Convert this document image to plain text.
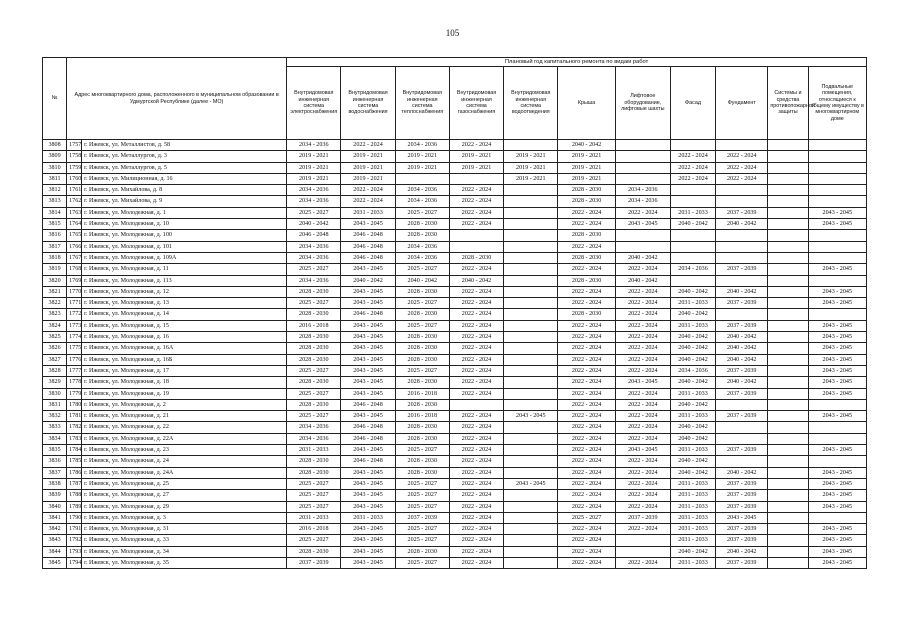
105
№	Адрес многоквартирного дома, расположенного в муниципальном образовании в Удмуртской Республике (далее - МО)		Плановый год капитального ремонта по видам работ										
			Внутридомовая инженерная система электроснабжения	Внутридомовая инженерная система водоснабжения	Внутридомовая инженерная система теплоснабжения	Внутридомовая инженерная система газоснабжения	Внутридомовая инженерная система водоотведения	Крыша	Лифтовое оборудование, лифтовые шахты	Фасад	Фундамент	Системы и средства противопожарной защиты	Подвальные помещения, относящиеся к общему имуществу в многоквартирном доме
3808	1757	г. Ижевск, ул. Металлистов, д. 58	2034 - 2036	2022 - 2024	2034 - 2036	2022 - 2024		2040 - 2042					
3809	1758	г. Ижевск, ул. Металлургов, д. 3	2019 - 2021	2019 - 2021	2019 - 2021	2019 - 2021	2019 - 2021	2019 - 2021		2022 - 2024	2022 - 2024		
3810	1759	г. Ижевск, ул. Металлургов, д. 5	2019 - 2021	2019 - 2021	2019 - 2021	2019 - 2021	2019 - 2021	2019 - 2021		2022 - 2024	2022 - 2024		
3811	1760	г. Ижевск, ул. Милиционная, д. 16	2019 - 2021	2019 - 2021			2019 - 2021	2019 - 2021		2022 - 2024	2022 - 2024		
3812	1761	г. Ижевск, ул. Михайлова, д. 8	2034 - 2036	2022 - 2024	2034 - 2036	2022 - 2024		2028 - 2030	2034 - 2036				
3813	1762	г. Ижевск, ул. Михайлова, д. 9	2034 - 2036	2022 - 2024	2034 - 2036	2022 - 2024		2028 - 2030	2034 - 2036				
3814	1763	г. Ижевск, ул. Молодежная, д. 1	2025 - 2027	2031 - 2033	2025 - 2027	2022 - 2024		2022 - 2024	2022 - 2024	2031 - 2033	2037 - 2039		2043 - 2045
3815	1764	г. Ижевск, ул. Молодежная, д. 10	2040 - 2042	2043 - 2045	2028 - 2030	2022 - 2024		2022 - 2024	2043 - 2045	2040 - 2042	2040 - 2042		2043 - 2045
3816	1765	г. Ижевск, ул. Молодежная, д. 100	2046 - 2048	2046 - 2048	2028 - 2030			2028 - 2030					
3817	1766	г. Ижевск, ул. Молодежная, д. 101	2034 - 2036	2046 - 2048	2034 - 2036			2022 - 2024					
3818	1767	г. Ижевск, ул. Молодежная, д. 109А	2034 - 2036	2046 - 2048	2034 - 2036	2028 - 2030		2028 - 2030	2040 - 2042				
3819	1768	г. Ижевск, ул. Молодежная, д. 11	2025 - 2027	2043 - 2045	2025 - 2027	2022 - 2024		2022 - 2024	2022 - 2024	2034 - 2036	2037 - 2039		2043 - 2045
3820	1769	г. Ижевск, ул. Молодежная, д. 113	2034 - 2036	2040 - 2042	2040 - 2042	2040 - 2042		2028 - 2030	2040 - 2042				
3821	1770	г. Ижевск, ул. Молодежная, д. 12	2028 - 2030	2043 - 2045	2028 - 2030	2022 - 2024		2022 - 2024	2022 - 2024	2040 - 2042	2040 - 2042		2043 - 2045
3822	1771	г. Ижевск, ул. Молодежная, д. 13	2025 - 2027	2043 - 2045	2025 - 2027	2022 - 2024		2022 - 2024	2022 - 2024	2031 - 2033	2037 - 2039		2043 - 2045
3823	1772	г. Ижевск, ул. Молодежная, д. 14	2028 - 2030	2046 - 2048	2028 - 2030	2022 - 2024		2028 - 2030	2022 - 2024	2040 - 2042			
3824	1773	г. Ижевск, ул. Молодежная, д. 15	2016 - 2018	2043 - 2045	2025 - 2027	2022 - 2024		2022 - 2024	2022 - 2024	2031 - 2033	2037 - 2039		2043 - 2045
3825	1774	г. Ижевск, ул. Молодежная, д. 16	2028 - 2030	2043 - 2045	2028 - 2030	2022 - 2024		2022 - 2024	2022 - 2024	2040 - 2042	2040 - 2042		2043 - 2045
3826	1775	г. Ижевск, ул. Молодежная, д. 16А	2028 - 2030	2043 - 2045	2028 - 2030	2022 - 2024		2022 - 2024	2022 - 2024	2040 - 2042	2040 - 2042		2043 - 2045
3827	1776	г. Ижевск, ул. Молодежная, д. 16Б	2028 - 2030	2043 - 2045	2028 - 2030	2022 - 2024		2022 - 2024	2022 - 2024	2040 - 2042	2040 - 2042		2043 - 2045
3828	1777	г. Ижевск, ул. Молодежная, д. 17	2025 - 2027	2043 - 2045	2025 - 2027	2022 - 2024		2022 - 2024	2022 - 2024	2034 - 2036	2037 - 2039		2043 - 2045
3829	1778	г. Ижевск, ул. Молодежная, д. 18	2028 - 2030	2043 - 2045	2028 - 2030	2022 - 2024		2022 - 2024	2043 - 2045	2040 - 2042	2040 - 2042		2043 - 2045
3830	1779	г. Ижевск, ул. Молодежная, д. 19	2025 - 2027	2043 - 2045	2016 - 2018	2022 - 2024		2022 - 2024	2022 - 2024	2031 - 2033	2037 - 2039		2043 - 2045
3831	1780	г. Ижевск, ул. Молодежная, д. 2	2028 - 2030	2046 - 2048	2028 - 2030			2022 - 2024	2022 - 2024	2040 - 2042			
3832	1781	г. Ижевск, ул. Молодежная, д. 21	2025 - 2027	2043 - 2045	2016 - 2018	2022 - 2024	2043 - 2045	2022 - 2024	2022 - 2024	2031 - 2033	2037 - 2039		2043 - 2045
3833	1782	г. Ижевск, ул. Молодежная, д. 22	2034 - 2036	2046 - 2048	2028 - 2030	2022 - 2024		2022 - 2024	2022 - 2024	2040 - 2042			
3834	1783	г. Ижевск, ул. Молодежная, д. 22А	2034 - 2036	2046 - 2048	2028 - 2030	2022 - 2024		2022 - 2024	2022 - 2024	2040 - 2042			
3835	1784	г. Ижевск, ул. Молодежная, д. 23	2031 - 2033	2043 - 2045	2025 - 2027	2022 - 2024		2022 - 2024	2043 - 2045	2031 - 2033	2037 - 2039		2043 - 2045
3836	1785	г. Ижевск, ул. Молодежная, д. 24	2028 - 2030	2046 - 2048	2028 - 2030	2022 - 2024		2022 - 2024	2022 - 2024	2040 - 2042			
3837	1786	г. Ижевск, ул. Молодежная, д. 24А	2028 - 2030	2043 - 2045	2028 - 2030	2022 - 2024		2022 - 2024	2022 - 2024	2040 - 2042	2040 - 2042		2043 - 2045
3838	1787	г. Ижевск, ул. Молодежная, д. 25	2025 - 2027	2043 - 2045	2025 - 2027	2022 - 2024	2043 - 2045	2022 - 2024	2022 - 2024	2031 - 2033	2037 - 2039		2043 - 2045
3839	1788	г. Ижевск, ул. Молодежная, д. 27	2025 - 2027	2043 - 2045	2025 - 2027	2022 - 2024		2022 - 2024	2022 - 2024	2031 - 2033	2037 - 2039		2043 - 2045
3840	1789	г. Ижевск, ул. Молодежная, д. 29	2025 - 2027	2043 - 2045	2025 - 2027	2022 - 2024		2022 - 2024	2022 - 2024	2031 - 2033	2037 - 2039		2043 - 2045
3841	1790	г. Ижевск, ул. Молодежная, д. 3	2031 - 2033	2031 - 2033	2037 - 2039	2022 - 2024		2025 - 2027	2037 - 2039	2031 - 2033	2043 - 2045		
3842	1791	г. Ижевск, ул. Молодежная, д. 31	2016 - 2018	2043 - 2045	2025 - 2027	2022 - 2024		2022 - 2024	2022 - 2024	2031 - 2033	2037 - 2039		2043 - 2045
3843	1792	г. Ижевск, ул. Молодежная, д. 33	2025 - 2027	2043 - 2045	2025 - 2027	2022 - 2024		2022 - 2024		2031 - 2033	2037 - 2039		2043 - 2045
3844	1793	г. Ижевск, ул. Молодежная, д. 34	2028 - 2030	2043 - 2045	2028 - 2030	2022 - 2024		2022 - 2024		2040 - 2042	2040 - 2042		2043 - 2045
3845	1794	г. Ижевск, ул. Молодежная, д. 35	2037 - 2039	2043 - 2045	2025 - 2027	2022 - 2024		2022 - 2024	2022 - 2024	2031 - 2033	2037 - 2039		2043 - 2045
